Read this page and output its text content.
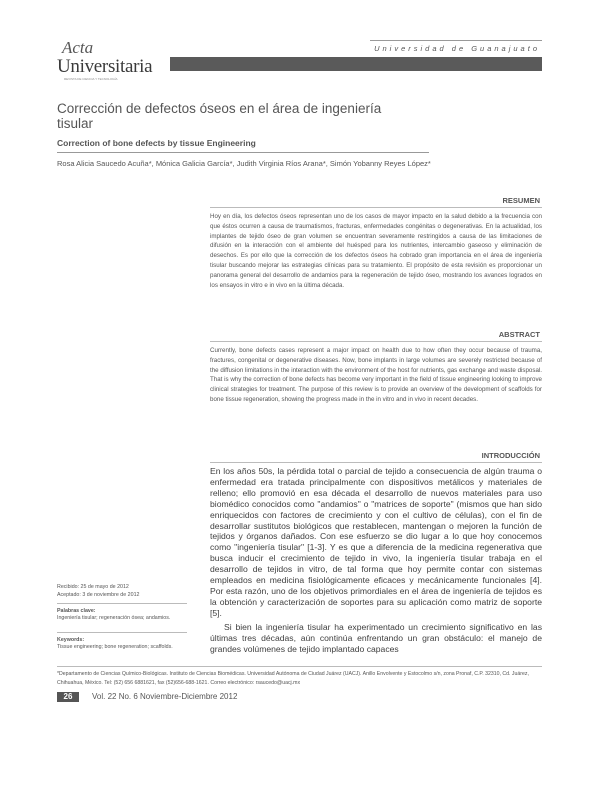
Acta
Universitaria
REVISTA DE CIENCIA Y TECNOLOGÍA
Universidad de Guanajuato
Corrección de defectos óseos en el área de ingeniería tisular
Correction of bone defects by tissue Engineering
Rosa Alicia Saucedo Acuña*, Mónica Galicia García*, Judith Virginia Ríos Arana*, Simón Yobanny Reyes López*
RESUMEN
Hoy en día, los defectos óseos representan uno de los casos de mayor impacto en la salud debido a la frecuencia con que éstos ocurren a causa de traumatismos, fracturas, enfermedades congénitas o degenerativas. En la actualidad, los implantes de tejido óseo de gran volumen se encuentran severamente restringidos a causa de las limitaciones de difusión en la interacción con el ambiente del huésped para los nutrientes, intercambio gaseoso y eliminación de desechos. Es por ello que la corrección de los defectos óseos ha cobrado gran importancia en el área de ingeniería tisular buscando mejorar las estrategias clínicas para su tratamiento. El propósito de esta revisión es proporcionar un panorama general del desarrollo de andamios para la regeneración de tejido óseo, mostrando los avances logrados en los ensayos in vitro e in vivo en la última década.
ABSTRACT
Currently, bone defects cases represent a major impact on health due to how often they occur because of trauma, fractures, congenital or degenerative diseases. Now, bone implants in large volumes are severely restricted because of the diffusion limitations in the interaction with the environment of the host for nutrients, gas exchange and waste disposal. That is why the correction of bone defects has become very important in the field of tissue engineering looking to improve clinical strategies for treatment. The purpose of this review is to provide an overview of the development of scaffolds for bone tissue regeneration, showing the progress made in the in vitro and in vivo in recent decades.
INTRODUCCIÓN
En los años 50s, la pérdida total o parcial de tejido a consecuencia de algún trauma o enfermedad era tratada principalmente con dispositivos metálicos y materiales de relleno; ello promovió en esa década el desarrollo de nuevos materiales para uso biomédico conocidos como "andamios" o "matrices de soporte" (mismos que han sido enriquecidos con factores de crecimiento y con el cultivo de células), con el fin de desarrollar sustitutos biológicos que restablecen, mantengan o mejoren la función de tejidos y órganos dañados. Con ese esfuerzo se dio lugar a lo que hoy conocemos como "ingeniería tisular" [1-3]. Y es que a diferencia de la medicina regenerativa que busca inducir el crecimiento de tejido in vivo, la ingeniería tisular trabaja en el desarrollo de tejidos in vitro, de tal forma que hoy permite contar con sistemas empleados en medicina fisiológicamente eficaces y mecánicamente funcionales [4]. Por esta razón, uno de los objetivos primordiales en el área de ingeniería de tejidos es la obtención y caracterización de soportes para su aplicación como matriz de soporte [5].
Si bien la ingeniería tisular ha experimentado un crecimiento significativo en las últimas tres décadas, aún continúa enfrentando un gran obstáculo: el manejo de grandes volúmenes de tejido implantado capaces
Recibido: 25 de mayo de 2012
Aceptado: 3 de noviembre de 2012
Palabras clave:
Ingeniería tisular; regeneración ósea; andamios.
Keywords:
Tissue engineering; bone regeneration; scaffolds.
*Departamento de Ciencias Químico-Biológicas. Instituto de Ciencias Biomédicas. Universidad Autónoma de Ciudad Juárez (UACJ). Anillo Envolvente y Estocolmo s/n, zona Pronaf, C.P. 32310, Cd. Juárez, Chihuahua, México. Tel: (52) 656 6881621, fax (52)656-688-1621. Correo electrónico: rsaucedo@uacj.mx
26	Vol. 22 No. 6 Noviembre-Diciembre 2012
